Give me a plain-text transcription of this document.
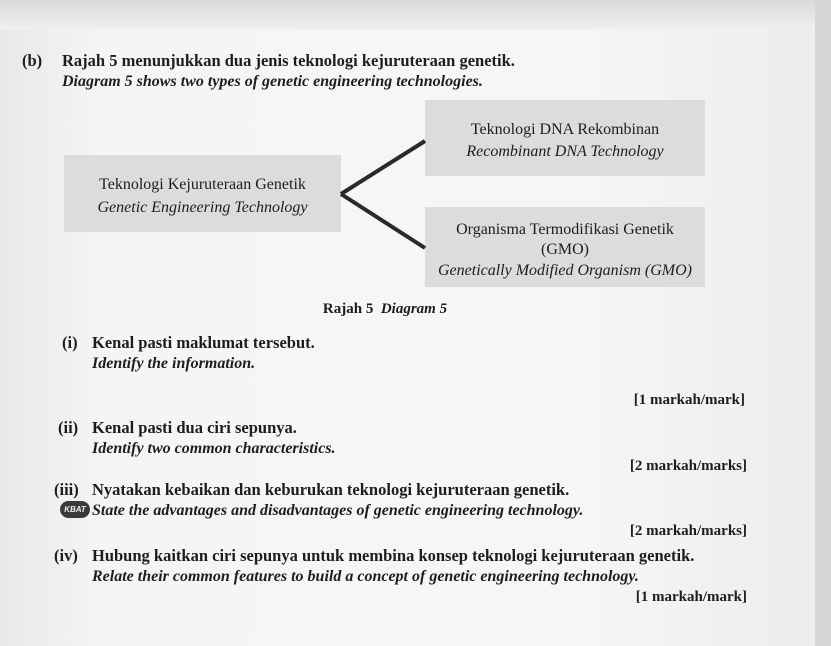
(b) Rajah 5 menunjukkan dua jenis teknologi kejuruteraan genetik.
Diagram 5 shows two types of genetic engineering technologies.
Teknologi DNA Rekombinan
Recombinant DNA Technology
Teknologi Kejuruteraan Genetik
Genetic Engineering Technology
Organisma Termodifikasi Genetik
(GMO)
Genetically Modified Organism (GMO)
Rajah 5 Diagram 5
(i) Kenal pasti maklumat tersebut.
Identify the information.
[1 markah/mark]
(ii) Kenal pasti dua ciri sepunya.
Identify two common characteristics.
[2 markah/marks]
(iii) Nyatakan kebaikan dan keburukan teknologi kejuruteraan genetik.
KBAT State the advantages and disadvantages of genetic engineering technology.
[2 markah/marks]
(iv) Hubung kaitkan ciri sepunya untuk membina konsep teknologi kejuruteraan genetik.
Relate their common features to build a concept of genetic engineering technology.
[1 markah/mark]
